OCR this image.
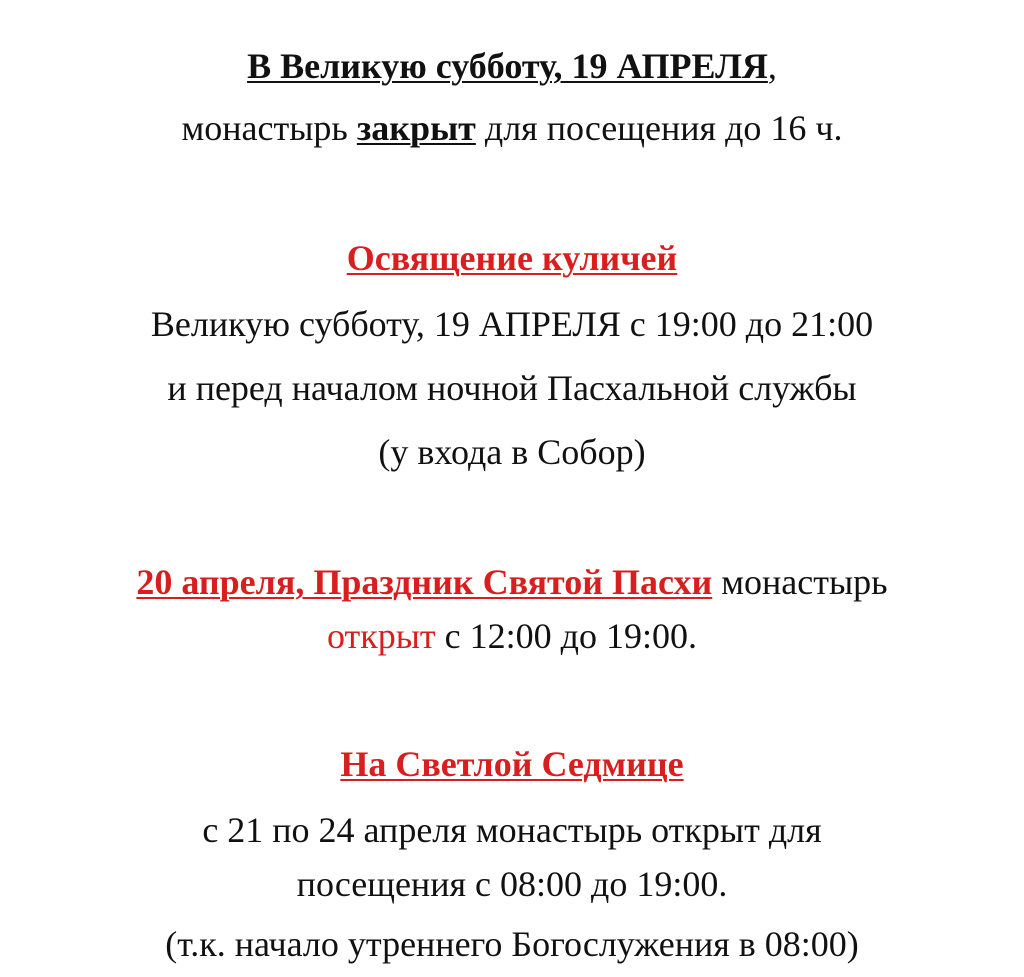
В Великую субботу, 19 АПРЕЛЯ,
монастырь закрыт для посещения до 16 ч.
Освящение куличей
Великую субботу, 19 АПРЕЛЯ с 19:00 до 21:00
и перед началом ночной Пасхальной службы
(у входа в Собор)
20 апреля, Праздник Святой Пасхи монастырь
открыт с 12:00 до 19:00.
На Светлой Седмице
с 21 по 24 апреля монастырь открыт для
посещения с 08:00 до 19:00.
(т.к. начало утреннего Богослужения в 08:00)
